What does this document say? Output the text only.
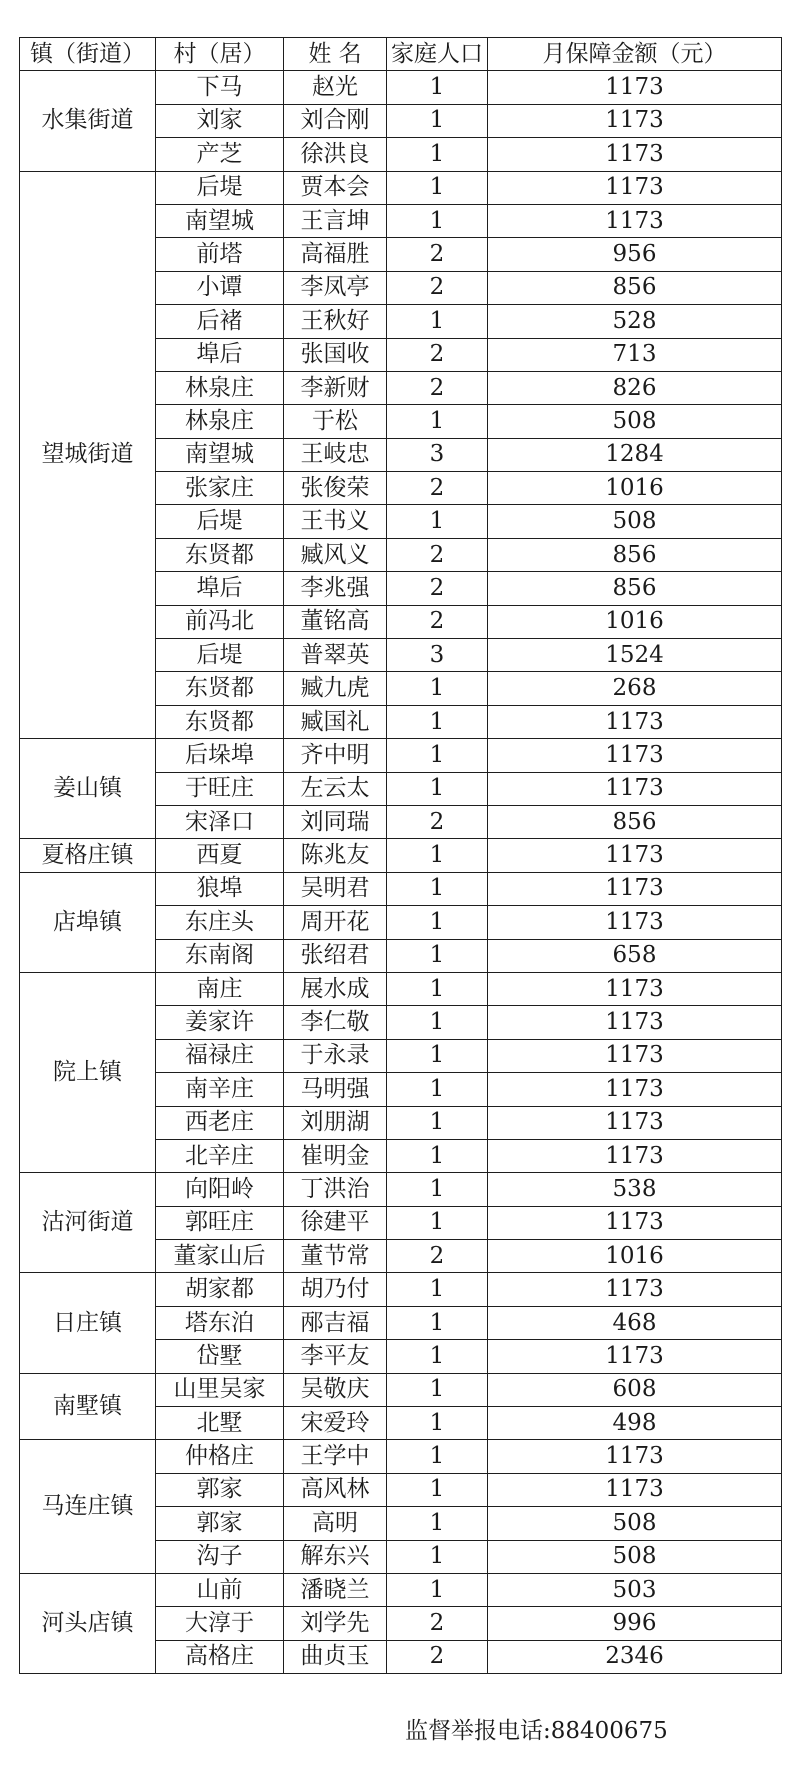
镇（街道）	村（居）	姓 名	家庭人口	月保障金额（元）
水集街道	下马	赵光	1	1173
	刘家	刘合刚	1	1173
	产芝	徐洪良	1	1173
望城街道	后堤	贾本会	1	1173
	南望城	王言坤	1	1173
	前塔	高福胜	2	956
	小谭	李凤亭	2	856
	后褚	王秋好	1	528
	埠后	张国收	2	713
	林泉庄	李新财	2	826
	林泉庄	于松	1	508
	南望城	王岐忠	3	1284
	张家庄	张俊荣	2	1016
	后堤	王书义	1	508
	东贤都	臧风义	2	856
	埠后	李兆强	2	856
	前冯北	董铭高	2	1016
	后堤	普翠英	3	1524
	东贤都	臧九虎	1	268
	东贤都	臧国礼	1	1173
姜山镇	后垛埠	齐中明	1	1173
	于旺庄	左云太	1	1173
	宋泽口	刘同瑞	2	856
夏格庄镇	西夏	陈兆友	1	1173
店埠镇	狼埠	吴明君	1	1173
	东庄头	周开花	1	1173
	东南阁	张绍君	1	658
院上镇	南庄	展水成	1	1173
	姜家许	李仁敬	1	1173
	福禄庄	于永录	1	1173
	南辛庄	马明强	1	1173
	西老庄	刘朋湖	1	1173
	北辛庄	崔明金	1	1173
沽河街道	向阳岭	丁洪治	1	538
	郭旺庄	徐建平	1	1173
	董家山后	董节常	2	1016
日庄镇	胡家都	胡乃付	1	1173
	塔东泊	邴吉福	1	468
	岱墅	李平友	1	1173
南墅镇	山里吴家	吴敬庆	1	608
	北墅	宋爱玲	1	498
马连庄镇	仲格庄	王学中	1	1173
	郭家	高风林	1	1173
	郭家	高明	1	508
	沟子	解东兴	1	508
河头店镇	山前	潘晓兰	1	503
	大淳于	刘学先	2	996
	高格庄	曲贞玉	2	2346
监督举报电话:88400675
